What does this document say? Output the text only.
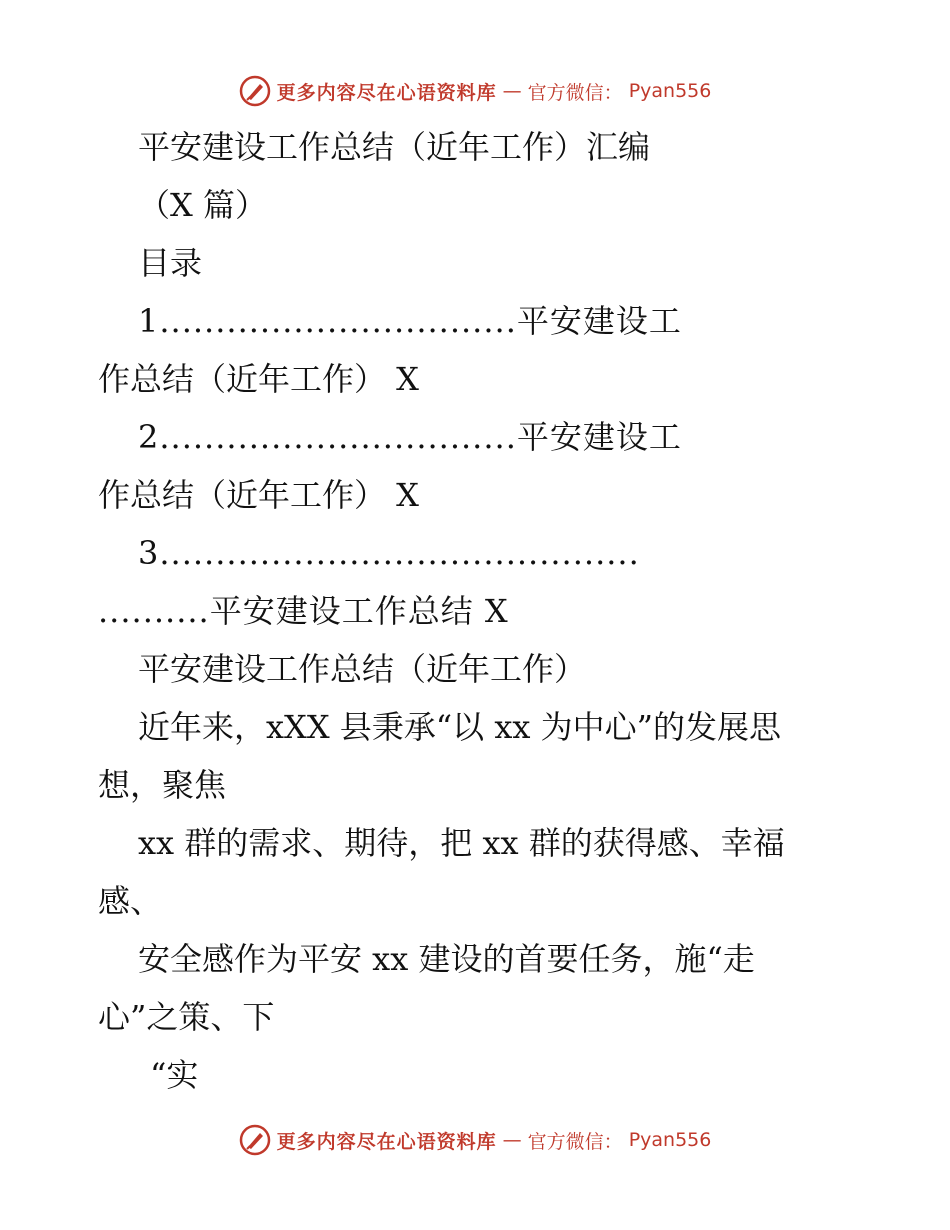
更多内容尽在心语资料库 — 官方微信： Pyan556
平安建设工作总结（近年工作）汇编
（X 篇）
目录
1................................平安建设工
作总结（近年工作） X
2................................平安建设工
作总结（近年工作） X
3...........................................
..........平安建设工作总结 X
平安建设工作总结（近年工作）
近年来，xXX 县秉承“以 xx 为中心”的发展思
想，聚焦
xx 群的需求、期待，把 xx 群的获得感、幸福
感、
安全感作为平安 xx 建设的首要任务，施“走
心”之策、下
“实
更多内容尽在心语资料库 — 官方微信： Pyan556
